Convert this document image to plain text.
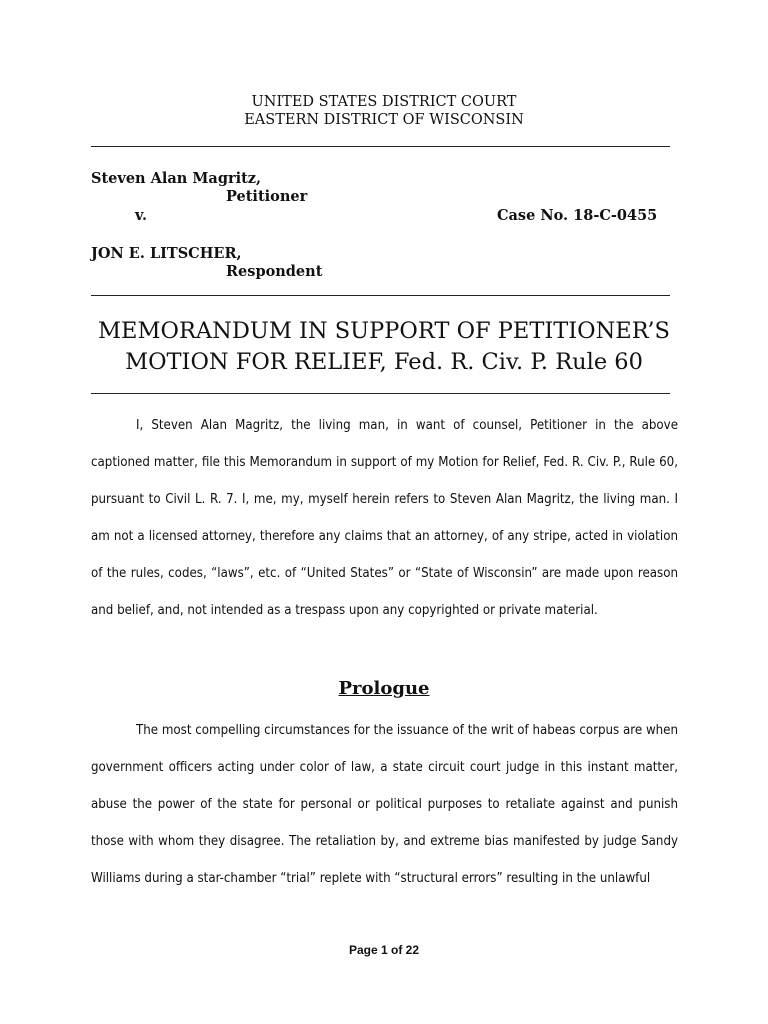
UNITED STATES DISTRICT COURT
EASTERN DISTRICT OF WISCONSIN
Steven Alan Magritz,
Petitioner
v.	Case No. 18-C-0455
JON E. LITSCHER,
Respondent
MEMORANDUM IN SUPPORT OF PETITIONER’S
MOTION FOR RELIEF, Fed. R. Civ. P. Rule 60

I, Steven Alan Magritz, the living man, in want of counsel, Petitioner in the above captioned matter, file this Memorandum in support of my Motion for Relief, Fed. R. Civ. P., Rule 60, pursuant to Civil L. R. 7. I, me, my, myself herein refers to Steven Alan Magritz, the living man. I am not a licensed attorney, therefore any claims that an attorney, of any stripe, acted in violation of the rules, codes, “laws”, etc. of “United States” or “State of Wisconsin” are made upon reason and belief, and, not intended as a trespass upon any copyrighted or private material.

Prologue

The most compelling circumstances for the issuance of the writ of habeas corpus are when government officers acting under color of law, a state circuit court judge in this instant matter, abuse the power of the state for personal or political purposes to retaliate against and punish those with whom they disagree. The retaliation by, and extreme bias manifested by judge Sandy Williams during a star-chamber “trial” replete with “structural errors” resulting in the unlawful

Page 1 of 22
